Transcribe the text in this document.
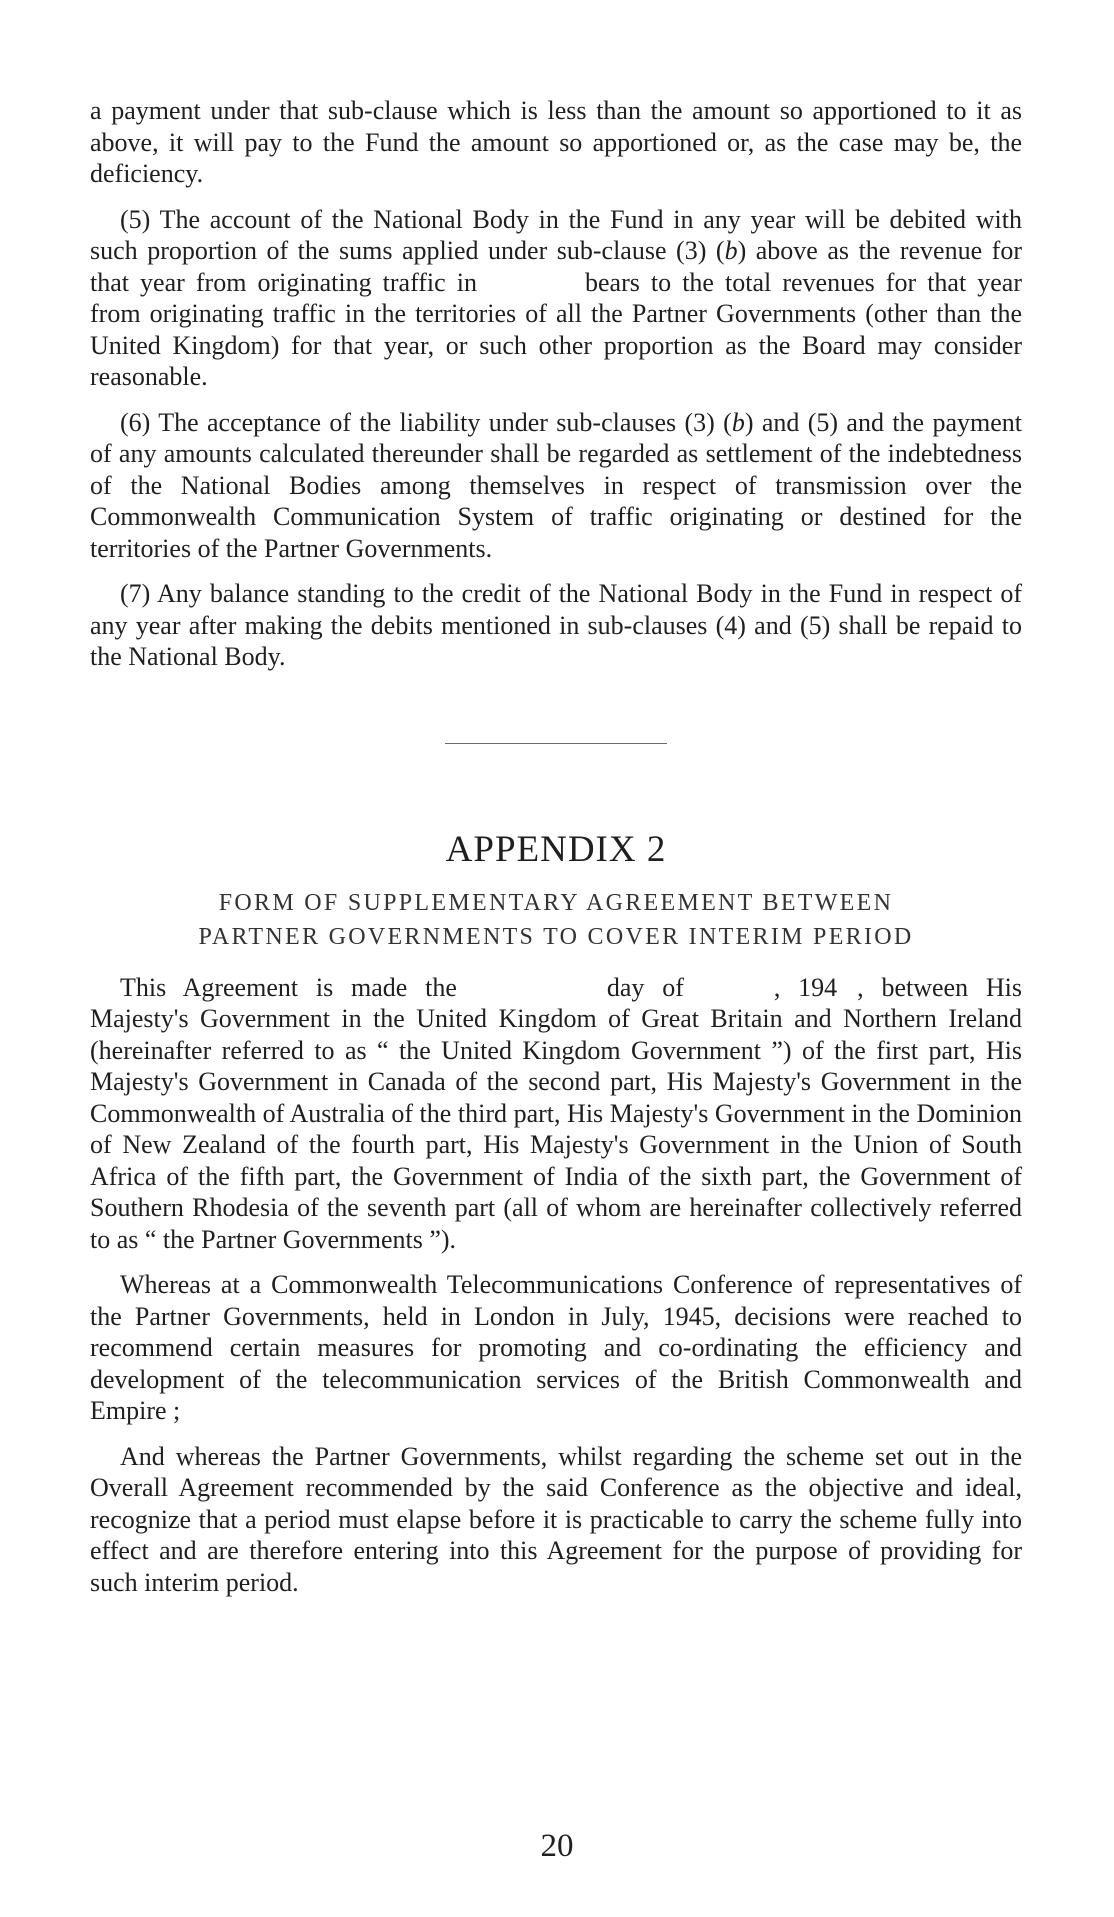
a payment under that sub-clause which is less than the amount so apportioned to it as above, it will pay to the Fund the amount so apportioned or, as the case may be, the deficiency.

(5) The account of the National Body in the Fund in any year will be debited with such proportion of the sums applied under sub-clause (3) (b) above as the revenue for that year from originating traffic in	bears to the total revenues for that year from originating traffic in the territories of all the Partner Governments (other than the United Kingdom) for that year, or such other proportion as the Board may consider reasonable.

(6) The acceptance of the liability under sub-clauses (3) (b) and (5) and the payment of any amounts calculated thereunder shall be regarded as settlement of the indebtedness of the National Bodies among themselves in respect of transmission over the Commonwealth Communication System of traffic originating or destined for the territories of the Partner Governments.

(7) Any balance standing to the credit of the National Body in the Fund in respect of any year after making the debits mentioned in sub-clauses (4) and (5) shall be repaid to the National Body.

APPENDIX 2
FORM OF SUPPLEMENTARY AGREEMENT BETWEEN
PARTNER GOVERNMENTS TO COVER INTERIM PERIOD

This Agreement is made the	day of	, 194 , between His Majesty's Government in the United Kingdom of Great Britain and Northern Ireland (hereinafter referred to as “ the United Kingdom Government ”) of the first part, His Majesty's Government in Canada of the second part, His Majesty's Government in the Commonwealth of Australia of the third part, His Majesty's Government in the Dominion of New Zealand of the fourth part, His Majesty's Government in the Union of South Africa of the fifth part, the Government of India of the sixth part, the Government of Southern Rhodesia of the seventh part (all of whom are hereinafter collectively referred to as “ the Partner Governments ”).

Whereas at a Commonwealth Telecommunications Conference of representatives of the Partner Governments, held in London in July, 1945, decisions were reached to recommend certain measures for promoting and co-ordinating the efficiency and development of the telecommunication services of the British Commonwealth and Empire ;

And whereas the Partner Governments, whilst regarding the scheme set out in the Overall Agreement recommended by the said Conference as the objective and ideal, recognize that a period must elapse before it is practicable to carry the scheme fully into effect and are therefore entering into this Agreement for the purpose of providing for such interim period.

20
